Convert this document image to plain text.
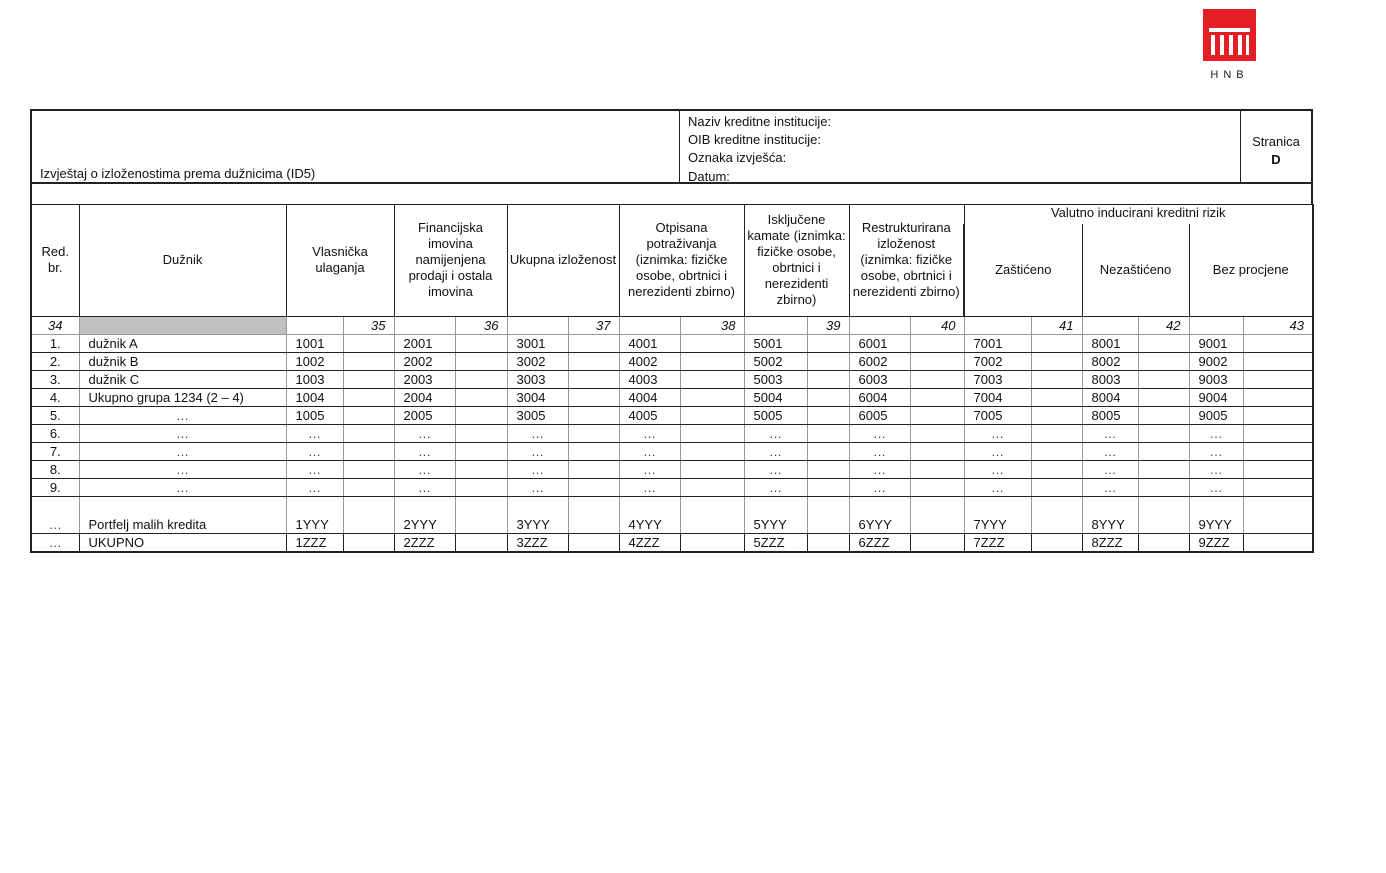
HNB
Izvještaj o izloženostima prema dužnicima (ID5)
Naziv kreditne institucije:
OIB kreditne institucije:
Oznaka izvješća:
Datum:
Stranica
D
Red. br.	Dužnik	Vlasnička ulaganja		Financijska imovina namijenjena prodaji i ostala imovina		Ukupna izloženost		Otpisana potraživanja (iznimka: fizičke osobe, obrtnici i nerezidenti zbirno)		Isključene kamate (iznimka: fizičke osobe, obrtnici i nerezidenti zbirno)		Restrukturirana izloženost (iznimka: fizičke osobe, obrtnici i nerezidenti zbirno)		Valutno inducirani kreditni rizik					
														Zaštićeno		Nezaštićeno		Bez procjene	
34			35		36		37		38		39		40		41		42		43
1.	dužnik A	1001		2001		3001		4001		5001		6001		7001		8001		9001	
2.	dužnik B	1002		2002		3002		4002		5002		6002		7002		8002		9002	
3.	dužnik C	1003		2003		3003		4003		5003		6003		7003		8003		9003	
4.	Ukupno grupa 1234 (2 – 4)	1004		2004		3004		4004		5004		6004		7004		8004		9004	
5.	…	1005		2005		3005		4005		5005		6005		7005		8005		9005	
6.	…	…		…		…		…		…		…		…		…		…	
7.	…	…		…		…		…		…		…		…		…		…	
8.	…	…		…		…		…		…		…		…		…		…	
9.	…	…		…		…		…		…		…		…		…		…	
…	Portfelj malih kredita	1YYY		2YYY		3YYY		4YYY		5YYY		6YYY		7YYY		8YYY		9YYY	
…	UKUPNO	1ZZZ		2ZZZ		3ZZZ		4ZZZ		5ZZZ		6ZZZ		7ZZZ		8ZZZ		9ZZZ	
